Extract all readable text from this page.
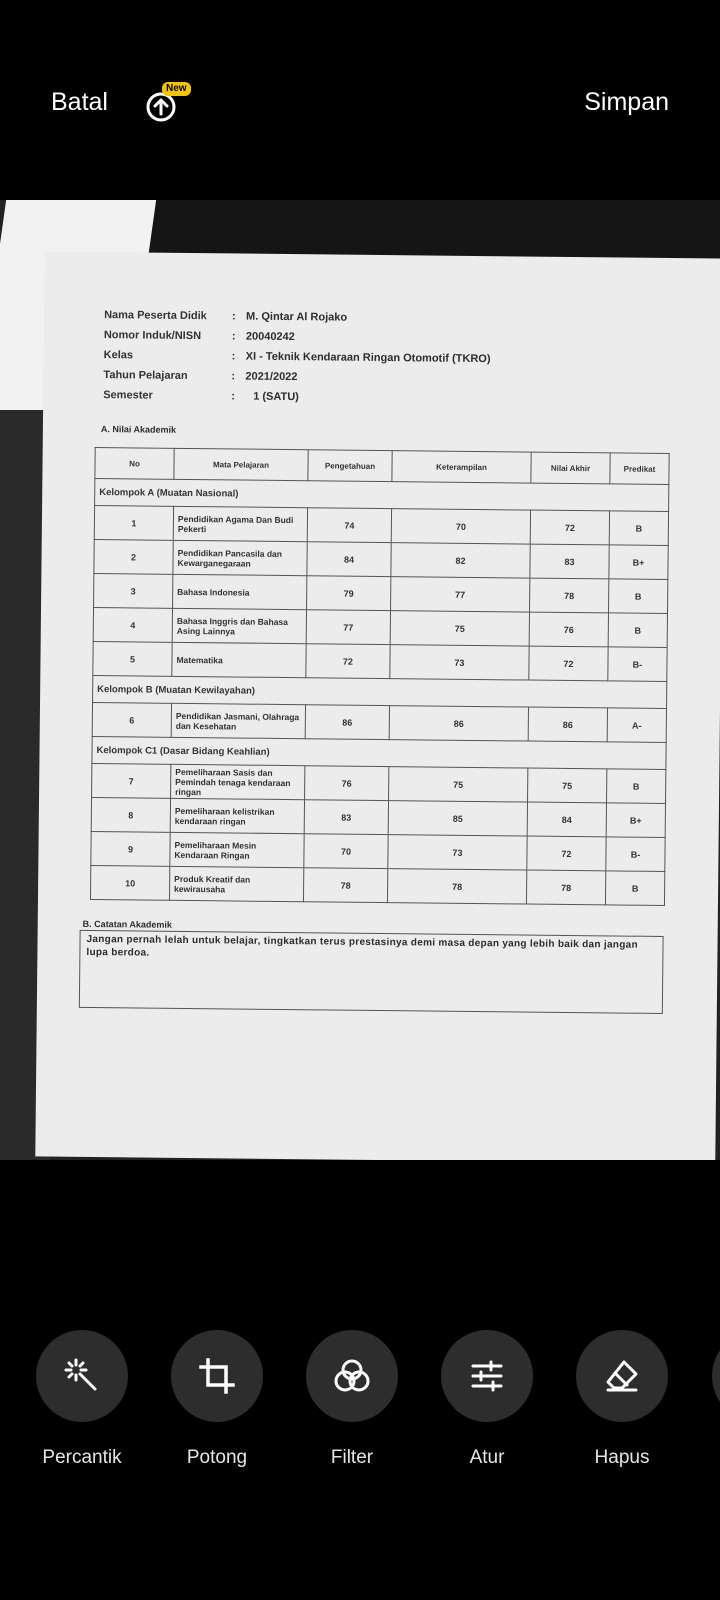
Batal	New	Simpan
Nama Peserta Didik : M. Qintar Al Rojako
Nomor Induk/NISN	: 20040242
Kelas	: XI - Teknik Kendaraan Ringan Otomotif (TKRO)
Tahun Pelajaran	: 2021/2022
Semester	: 1 (SATU)
A. Nilai Akademik
No	Mata Pelajaran	Pengetahuan	Keterampilan	Nilai Akhir	Predikat
Kelompok A (Muatan Nasional)					
1	Pendidikan Agama Dan Budi Pekerti	74	70	72	B
2	Pendidikan Pancasila dan Kewarganegaraan	84	82	83	B+
3	Bahasa Indonesia	79	77	78	B
4	Bahasa Inggris dan Bahasa Asing Lainnya	77	75	76	B
5	Matematika	72	73	72	B-
Kelompok B (Muatan Kewilayahan)					
6	Pendidikan Jasmani, Olahraga dan Kesehatan	86	86	86	A-
Kelompok C1 (Dasar Bidang Keahlian)					
7	Pemeliharaan Sasis dan Pemindah tenaga kendaraan ringan	76	75	75	B
8	Pemeliharaan kelistrikan kendaraan ringan	83	85	84	B+
9	Pemeliharaan Mesin Kendaraan Ringan	70	73	72	B-
10	Produk Kreatif dan kewirausaha	78	78	78	B
B. Catatan Akademik
Jangan pernah lelah untuk belajar, tingkatkan terus prestasinya demi masa depan yang lebih baik dan jangan lupa berdoa.
Percantik	Potong	Filter	Atur	Hapus
